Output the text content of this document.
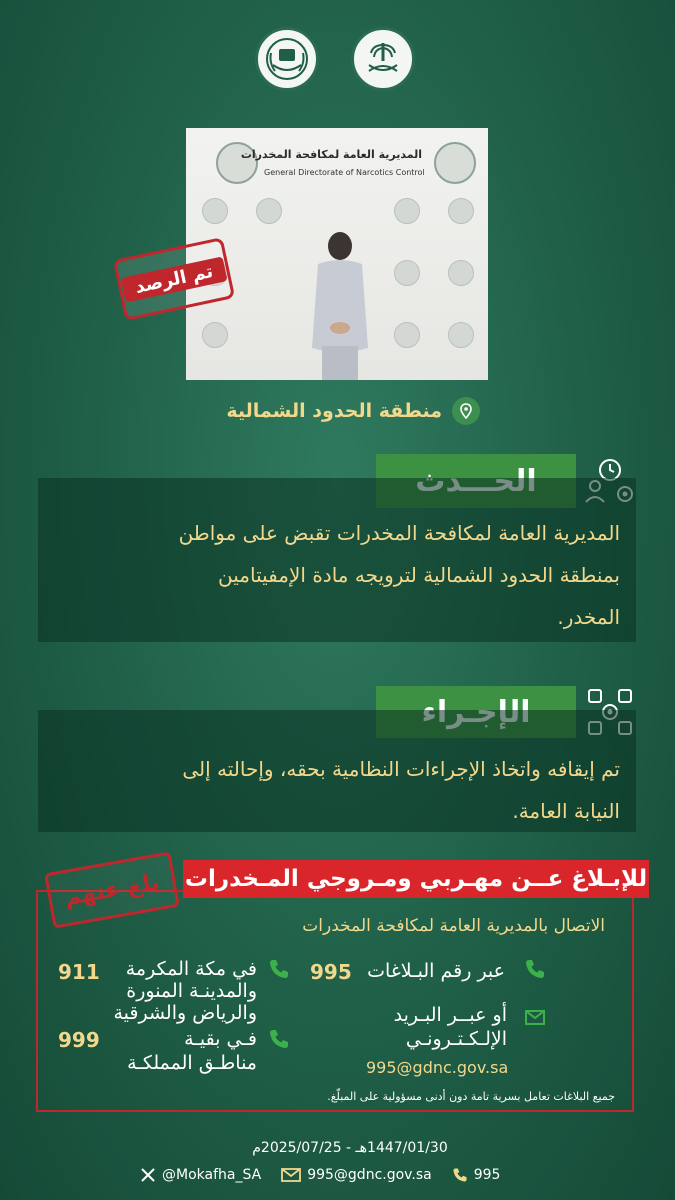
المديرية العامة لمكافحة المخدرات
General Directorate of Narcotics Control
تم الرصد
منطقة الحدود الشمالية
المديرية العامة لمكافحة المخدرات تقبض على مواطن
بمنطقة الحدود الشمالية لترويجه مادة الإمفيتامين
المخدر.
تم إيقافه واتخاذ الإجراءات النظامية بحقه، وإحالته إلى
النيابة العامة.
للإبـلاغ عــن مهـربي ومـروجي المـخدرات
بلغ عنهم
الاتصال بالمديرية العامة لمكافحة المخدرات
عبر رقم البـلاغات
995
أو عبــر البـريد
الإلـكـتـرونـي
995@gdnc.gov.sa
في مكة المكرمة
والمدينـة المنورة
والرياض والشرقية
911
فـي بقيـة
مناطـق المملكـة
999
جميع البلاغات تعامل بسرية تامة دون أدنى مسؤولية على المبلّغ.
1447/01/30هـ - 2025/07/25م
@Mokafha_SA	995@gdnc.gov.sa	995
